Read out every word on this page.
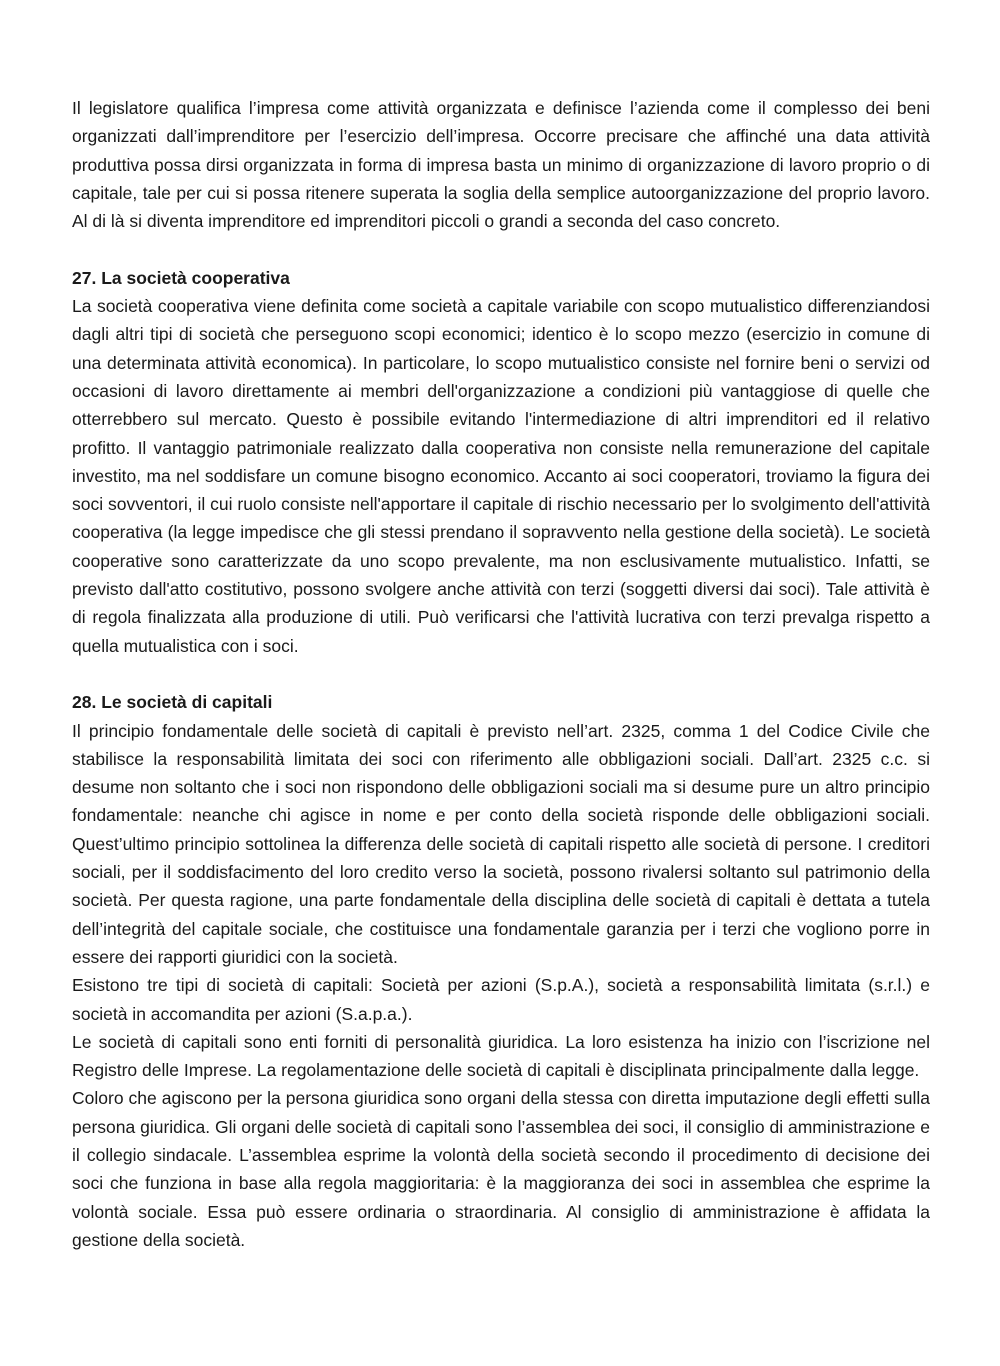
Il legislatore qualifica l’impresa come attività organizzata e definisce l’azienda come il complesso dei beni organizzati dall’imprenditore per l’esercizio dell’impresa. Occorre precisare che affinché una data attività produttiva possa dirsi organizzata in forma di impresa basta un minimo di organizzazione di lavoro proprio o di capitale, tale per cui si possa ritenere superata la soglia della semplice autoorganizzazione del proprio lavoro. Al di là si diventa imprenditore ed imprenditori piccoli o grandi a seconda del caso concreto.

27. La società cooperativa

La società cooperativa viene definita come società a capitale variabile con scopo mutualistico differenziandosi dagli altri tipi di società che perseguono scopi economici; identico è lo scopo mezzo (esercizio in comune di una determinata attività economica). In particolare, lo scopo mutualistico consiste nel fornire beni o servizi od occasioni di lavoro direttamente ai membri dell'organizzazione a condizioni più vantaggiose di quelle che otterrebbero sul mercato. Questo è possibile evitando l'intermediazione di altri imprenditori ed il relativo profitto. Il vantaggio patrimoniale realizzato dalla cooperativa non consiste nella remunerazione del capitale investito, ma nel soddisfare un comune bisogno economico. Accanto ai soci cooperatori, troviamo la figura dei soci sovventori, il cui ruolo consiste nell'apportare il capitale di rischio necessario per lo svolgimento dell'attività cooperativa (la legge impedisce che gli stessi prendano il sopravvento nella gestione della società). Le società cooperative sono caratterizzate da uno scopo prevalente, ma non esclusivamente mutualistico. Infatti, se previsto dall'atto costitutivo, possono svolgere anche attività con terzi (soggetti diversi dai soci). Tale attività è di regola finalizzata alla produzione di utili. Può verificarsi che l'attività lucrativa con terzi prevalga rispetto a quella mutualistica con i soci.

28. Le società di capitali

Il principio fondamentale delle società di capitali è previsto nell’art. 2325, comma 1 del Codice Civile che stabilisce la responsabilità limitata dei soci con riferimento alle obbligazioni sociali. Dall’art. 2325 c.c. si desume non soltanto che i soci non rispondono delle obbligazioni sociali ma si desume pure un altro principio fondamentale: neanche chi agisce in nome e per conto della società risponde delle obbligazioni sociali. Quest’ultimo principio sottolinea la differenza delle società di capitali rispetto alle società di persone. I creditori sociali, per il soddisfacimento del loro credito verso la società, possono rivalersi soltanto sul patrimonio della società. Per questa ragione, una parte fondamentale della disciplina delle società di capitali è dettata a tutela dell’integrità del capitale sociale, che costituisce una fondamentale garanzia per i terzi che vogliono porre in essere dei rapporti giuridici con la società.

Esistono tre tipi di società di capitali: Società per azioni (S.p.A.), società a responsabilità limitata (s.r.l.) e società in accomandita per azioni (S.a.p.a.).

Le società di capitali sono enti forniti di personalità giuridica. La loro esistenza ha inizio con l’iscrizione nel Registro delle Imprese. La regolamentazione delle società di capitali è disciplinata principalmente dalla legge.

Coloro che agiscono per la persona giuridica sono organi della stessa con diretta imputazione degli effetti sulla persona giuridica. Gli organi delle società di capitali sono l’assemblea dei soci, il consiglio di amministrazione e il collegio sindacale. L’assemblea esprime la volontà della società secondo il procedimento di decisione dei soci che funziona in base alla regola maggioritaria: è la maggioranza dei soci in assemblea che esprime la volontà sociale. Essa può essere ordinaria o straordinaria. Al consiglio di amministrazione è affidata la gestione della società.
